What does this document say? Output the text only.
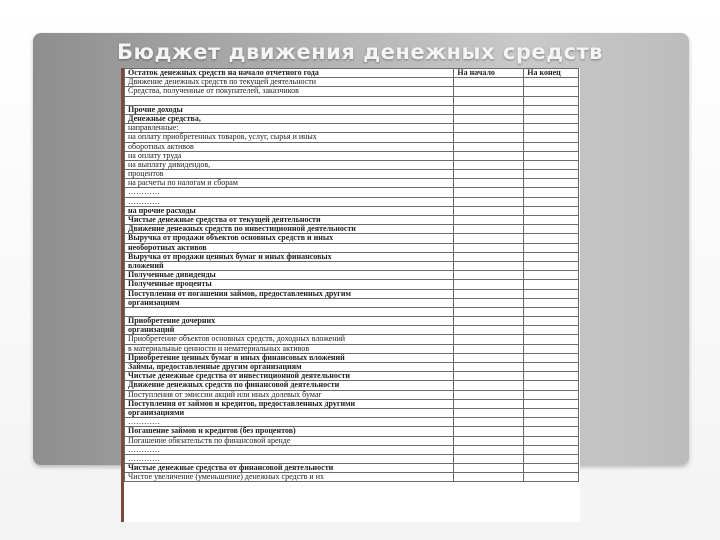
Бюджет движения денежных средств
Остаток денежных средств на начало отчетного года	На начало	На конец
Движение денежных средств по текущей деятельности		
Средства, полученные от покупателей, заказчиков		

Прочие доходы		
Денежные средства,		
направленные:		
на оплату приобретенных товаров, услуг, сырья и иных		
оборотных активов		
на оплату труда		
на выплату дивидендов,		
процентов		
на расчеты по налогам и сборам		
…………		
…………		
на прочие расходы		
Чистые денежные средства от текущей деятельности		
Движение денежных средств по инвестиционной деятельности		
Выручка от продажи объектов основных средств и иных		
необоротных активов		
Выручка от продажи ценных бумаг и иных финансовых		
вложений		
Полученные дивиденды		
Полученные проценты		
Поступления от погашения займов, предоставленных другим		
организациям		

Приобретение дочерних		
организаций		
Приобретение объектов основных средств, доходных вложений		
в материальные ценности и нематериальных активов		
Приобретение ценных бумаг и иных финансовых вложений		
Займы, предоставленные другим организациям		
Чистые денежные средства от инвестиционной деятельности		
Движение денежных средств по финансовой деятельности		
Поступления от эмиссии акций или иных долевых бумаг		
Поступления от займов и кредитов, предоставленных другими		
организациями		
…………		
Погашение займов и кредитов (без процентов)		
Погашение обязательств по финансовой аренде		
…………		
…………		
Чистые денежные средства от финансовой деятельности		
Чистое увеличение (уменьшение) денежных средств и их		
